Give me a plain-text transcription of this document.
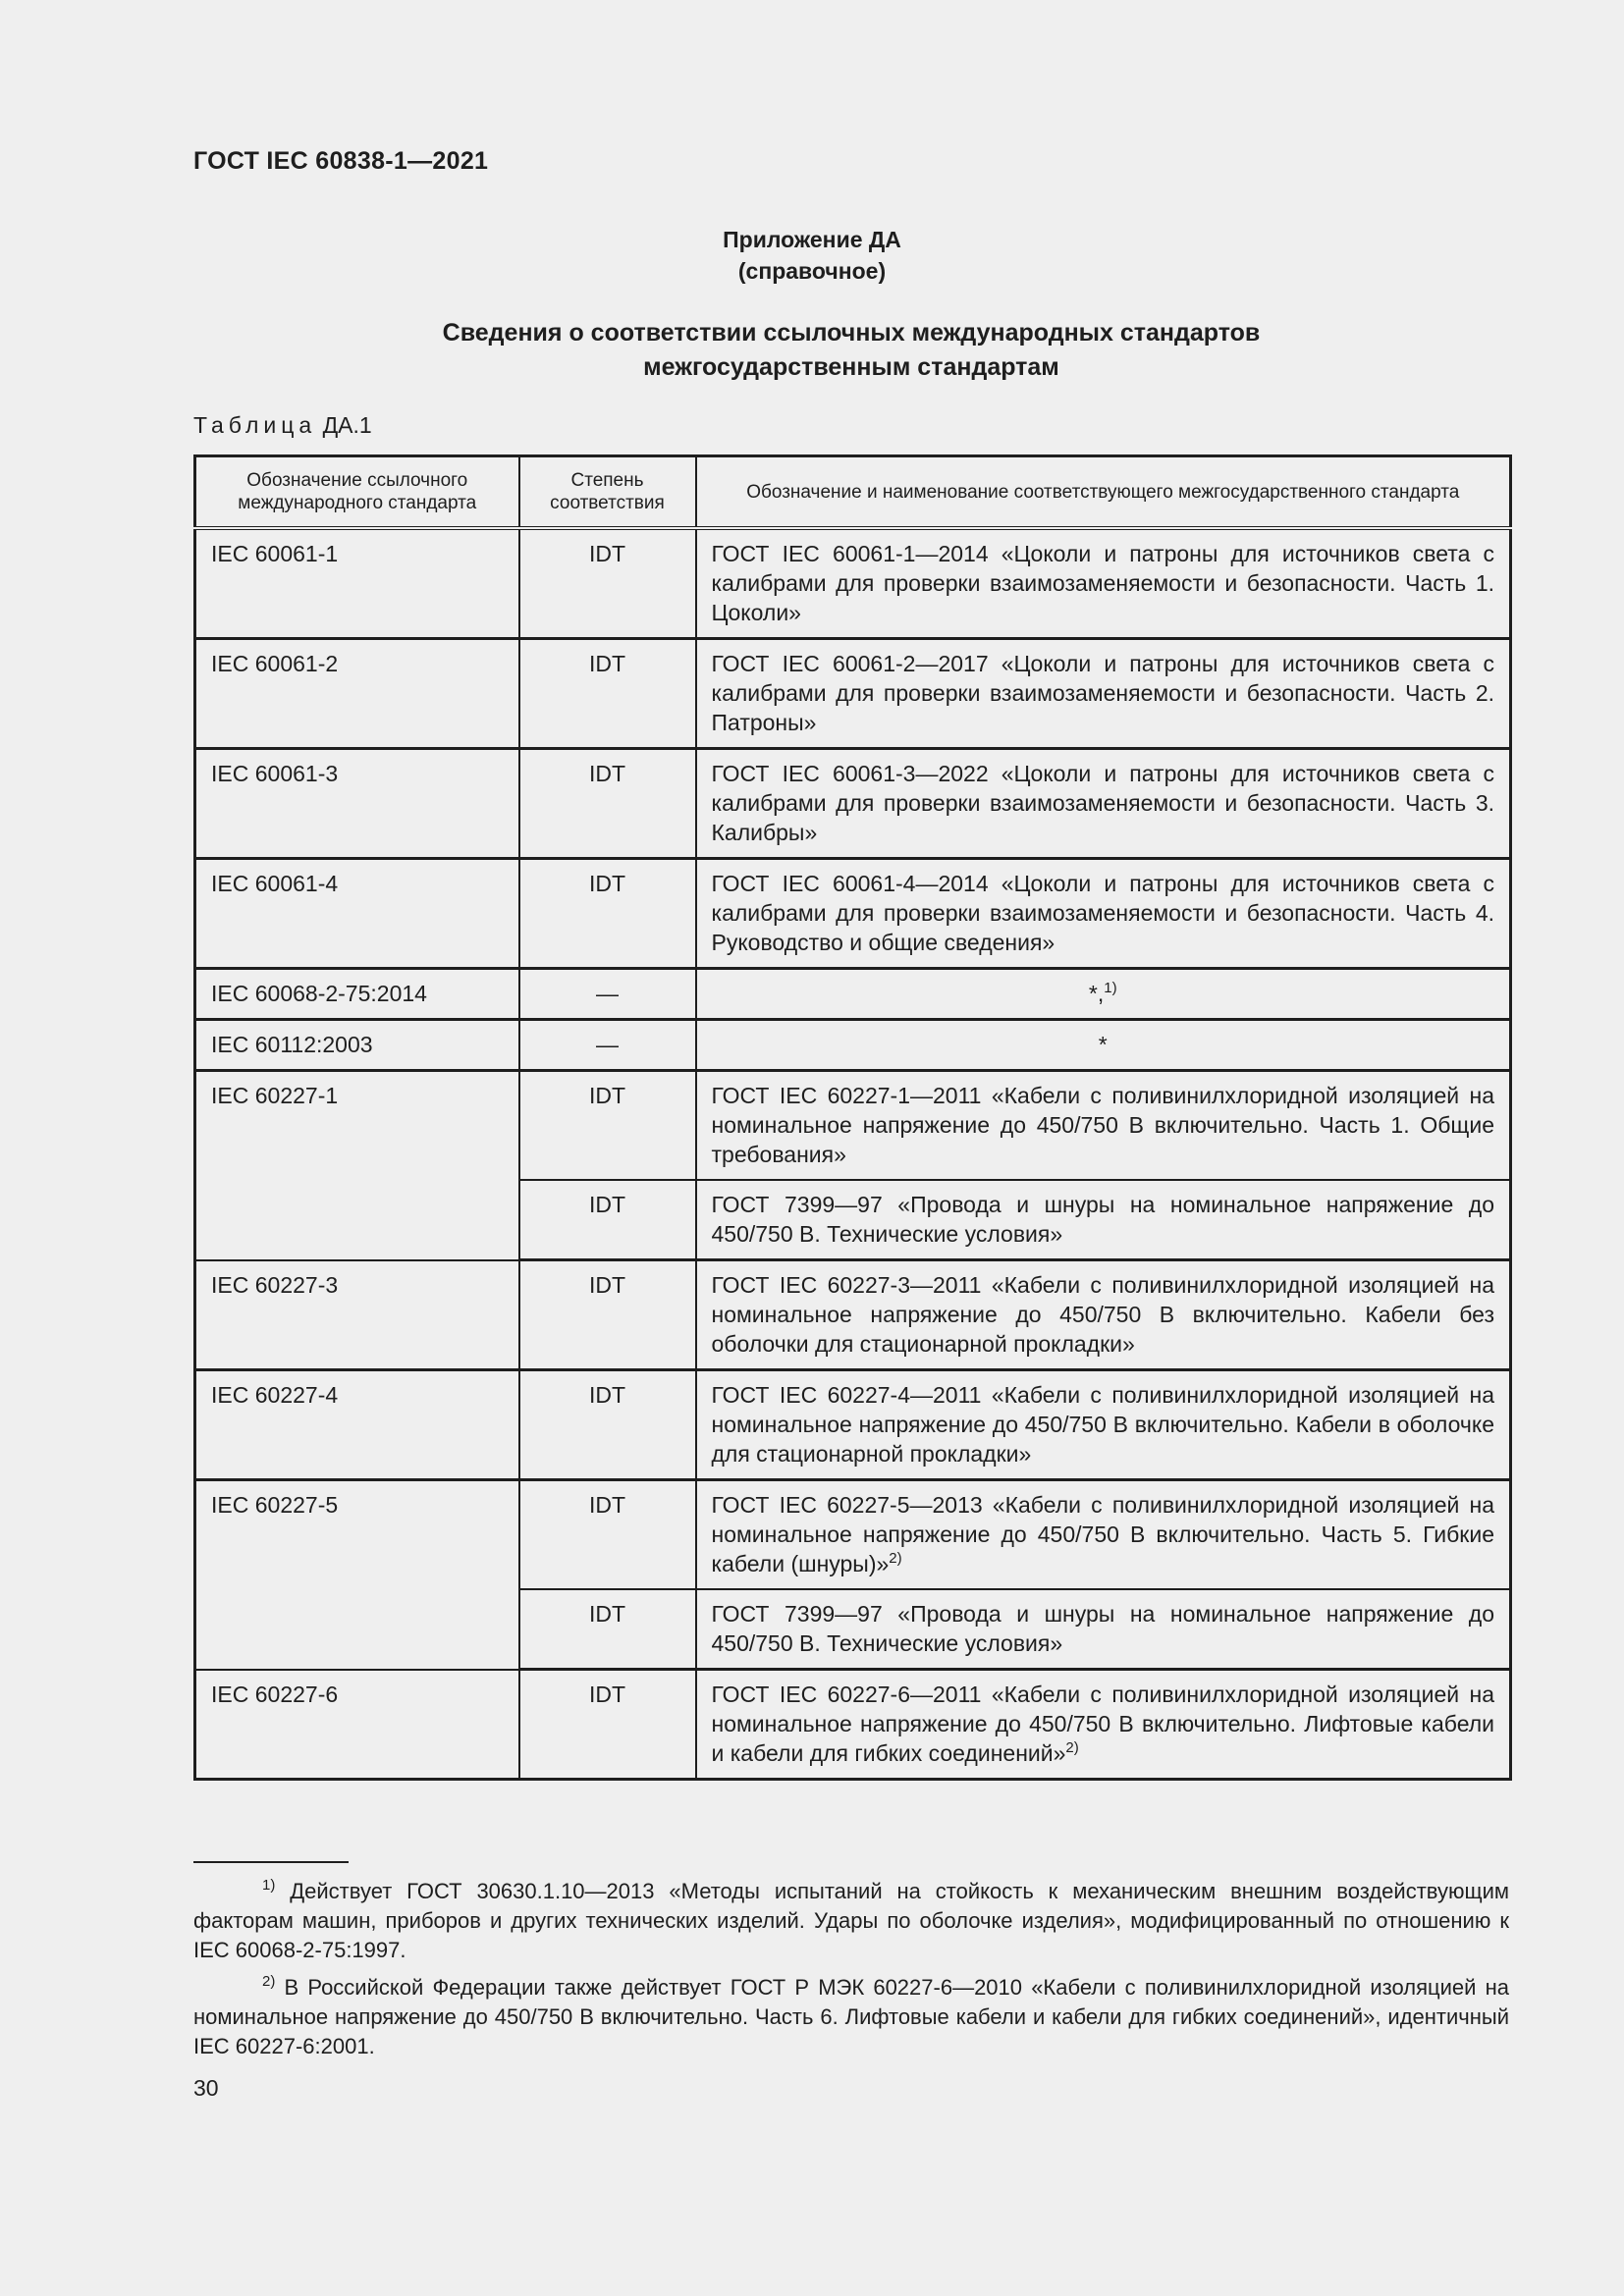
ГОСТ IEC 60838-1—2021
Приложение ДА
(справочное)
Сведения о соответствии ссылочных международных стандартов
межгосударственным стандартам
Таблица ДА.1
Обозначение ссылочного международного стандарта	Степень соответствия	Обозначение и наименование соответствующего межгосударственного стандарта
IEC 60061-1	IDT	ГОСТ IEC 60061-1—2014 «Цоколи и патроны для источников света с калибрами для проверки взаимозаменяемости и безопасности. Часть 1. Цоколи»
IEC 60061-2	IDT	ГОСТ IEC 60061-2—2017 «Цоколи и патроны для источников света с калибрами для проверки взаимозаменяемости и безопасности. Часть 2. Патроны»
IEC 60061-3	IDT	ГОСТ IEC 60061-3—2022 «Цоколи и патроны для источников света с калибрами для проверки взаимозаменяемости и безопасности. Часть 3. Калибры»
IEC 60061-4	IDT	ГОСТ IEC 60061-4—2014 «Цоколи и патроны для источников света с калибрами для проверки взаимозаменяемости и безопасности. Часть 4. Руководство и общие сведения»
IEC 60068-2-75:2014	—	*,$^{1)}$
IEC 60112:2003	—	*
IEC 60227-1	IDT	ГОСТ IEC 60227-1—2011 «Кабели с поливинилхлоридной изоляцией на номинальное напряжение до 450/750 В включительно. Часть 1. Общие требования»
	IDT	ГОСТ 7399—97 «Провода и шнуры на номинальное напряжение до 450/750 В. Технические условия»
IEC 60227-3	IDT	ГОСТ IEC 60227-3—2011 «Кабели с поливинилхлоридной изоляцией на номинальное напряжение до 450/750 В включительно. Кабели без оболочки для стационарной прокладки»
IEC 60227-4	IDT	ГОСТ IEC 60227-4—2011 «Кабели с поливинилхлоридной изоляцией на номинальное напряжение до 450/750 В включительно. Кабели в оболочке для стационарной прокладки»
IEC 60227-5	IDT	ГОСТ IEC 60227-5—2013 «Кабели с поливинилхлоридной изоляцией на номинальное напряжение до 450/750 В включительно. Часть 5. Гибкие кабели (шнуры)»$^{2)}$
	IDT	ГОСТ 7399—97 «Провода и шнуры на номинальное напряжение до 450/750 В. Технические условия»
IEC 60227-6	IDT	ГОСТ IEC 60227-6—2011 «Кабели с поливинилхлоридной изоляцией на номинальное напряжение до 450/750 В включительно. Лифтовые кабели и кабели для гибких соединений»$^{2)}$
$^{1)}$ Действует ГОСТ 30630.1.10—2013 «Методы испытаний на стойкость к механическим внешним воздействующим факторам машин, приборов и других технических изделий. Удары по оболочке изделия», модифицированный по отношению к IEC 60068-2-75:1997.
$^{2)}$ В Российской Федерации также действует ГОСТ Р МЭК 60227-6—2010 «Кабели с поливинилхлоридной изоляцией на номинальное напряжение до 450/750 В включительно. Часть 6. Лифтовые кабели и кабели для гибких соединений», идентичный IEC 60227-6:2001.
30
